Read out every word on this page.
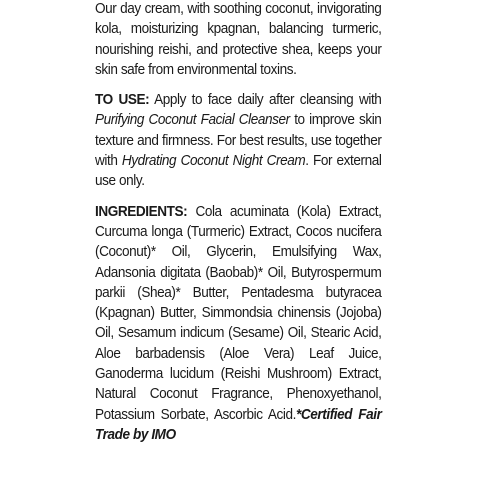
Our day cream, with soothing coconut, invigorating kola, moisturizing kpagnan, balancing turmeric, nourishing reishi, and protective shea, keeps your skin safe from environmental toxins.

TO USE: Apply to face daily after cleansing with Purifying Coconut Facial Cleanser to improve skin texture and firmness. For best results, use together with Hydrating Coconut Night Cream. For external use only.

INGREDIENTS: Cola acuminata (Kola) Extract, Curcuma longa (Turmeric) Extract, Cocos nucifera (Coconut)* Oil, Glycerin, Emulsifying Wax, Adansonia digitata (Baobab)* Oil, Butyrospermum parkii (Shea)* Butter, Pentadesma butyracea (Kpagnan) Butter, Simmondsia chinensis (Jojoba) Oil, Sesamum indicum (Sesame) Oil, Stearic Acid, Aloe barbadensis (Aloe Vera) Leaf Juice, Ganoderma lucidum (Reishi Mushroom) Extract, Natural Coconut Fragrance, Phenoxyethanol, Potassium Sorbate, Ascorbic Acid.*Certified Fair Trade by IMO
